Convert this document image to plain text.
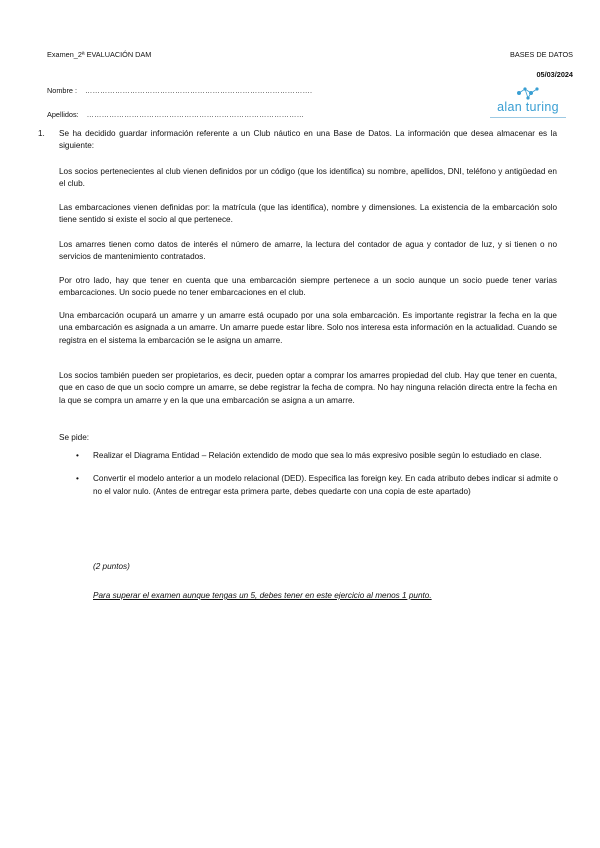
Examen_2ª EVALUACIÓN DAM	BASES DE DATOS
05/03/2024
Nombre : ……………………………………………………………………………….
Apellidos: ……………………………………………………………………………
alan turing
1. Se ha decidido guardar información referente a un Club náutico en una Base de Datos. La información que desea almacenar es la siguiente:
Los socios pertenecientes al club vienen definidos por un código (que los identifica) su nombre, apellidos, DNI, teléfono y antigüedad en el club.
Las embarcaciones vienen definidas por: la matrícula (que las identifica), nombre y dimensiones. La existencia de la embarcación solo tiene sentido si existe el socio al que pertenece.
Los amarres tienen como datos de interés el número de amarre, la lectura del contador de agua y contador de luz, y si tienen o no servicios de mantenimiento contratados.
Por otro lado, hay que tener en cuenta que una embarcación siempre pertenece a un socio aunque un socio puede tener varias embarcaciones. Un socio puede no tener embarcaciones en el club.
Una embarcación ocupará un amarre y un amarre está ocupado por una sola embarcación. Es importante registrar la fecha en la que una embarcación es asignada a un amarre. Un amarre puede estar libre. Solo nos interesa esta información en la actualidad. Cuando se registra en el sistema la embarcación se le asigna un amarre.
Los socios también pueden ser propietarios, es decir, pueden optar a comprar los amarres propiedad del club. Hay que tener en cuenta, que en caso de que un socio compre un amarre, se debe registrar la fecha de compra. No hay ninguna relación directa entre la fecha en la que se compra un amarre y en la que una embarcación se asigna a un amarre.
Se pide:
• Realizar el Diagrama Entidad – Relación extendido de modo que sea lo más expresivo posible según lo estudiado en clase.
• Convertir el modelo anterior a un modelo relacional (DED). Especifica las foreign key. En cada atributo debes indicar si admite o no el valor nulo. (Antes de entregar esta primera parte, debes quedarte con una copia de este apartado)
(2 puntos)
Para superar el examen aunque tengas un 5, debes tener en este ejercicio al menos 1 punto.
